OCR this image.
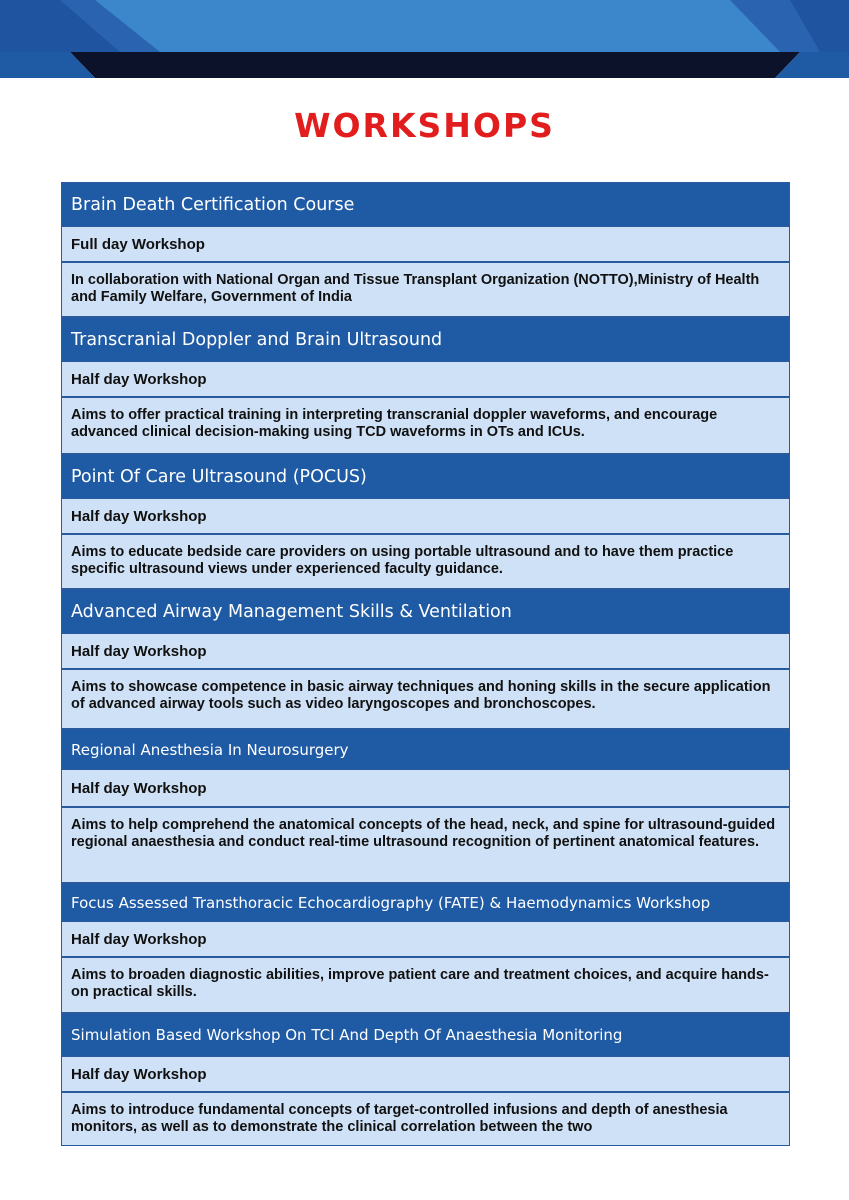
WORKSHOPS
Brain Death Certification Course
Full day Workshop
In collaboration with National Organ and Tissue Transplant Organization (NOTTO),Ministry of Health and Family Welfare, Government of India
Transcranial Doppler and Brain Ultrasound
Half day Workshop
Aims to offer practical training in interpreting transcranial doppler waveforms, and encourage advanced clinical decision-making using TCD waveforms in OTs and ICUs.
Point Of Care Ultrasound (POCUS)
Half day Workshop
Aims to educate bedside care providers on using portable ultrasound and to have them practice specific ultrasound views under experienced faculty guidance.
Advanced Airway Management Skills & Ventilation
Half day Workshop
Aims to showcase competence in basic airway techniques and honing skills in the secure application of advanced airway tools such as video laryngoscopes and bronchoscopes.
Regional Anesthesia In Neurosurgery
Half day Workshop
Aims to help comprehend the anatomical concepts of the head, neck, and spine for ultrasound-guided regional anaesthesia and conduct real-time ultrasound recognition of pertinent anatomical features.
Focus Assessed Transthoracic Echocardiography (FATE) & Haemodynamics Workshop
Half day Workshop
Aims to broaden diagnostic abilities, improve patient care and treatment choices, and acquire hands-on practical skills.
Simulation Based Workshop On TCI And Depth Of Anaesthesia Monitoring
Half day Workshop
Aims to introduce fundamental concepts of target-controlled infusions and depth of anesthesia monitors, as well as to demonstrate the clinical correlation between the two
